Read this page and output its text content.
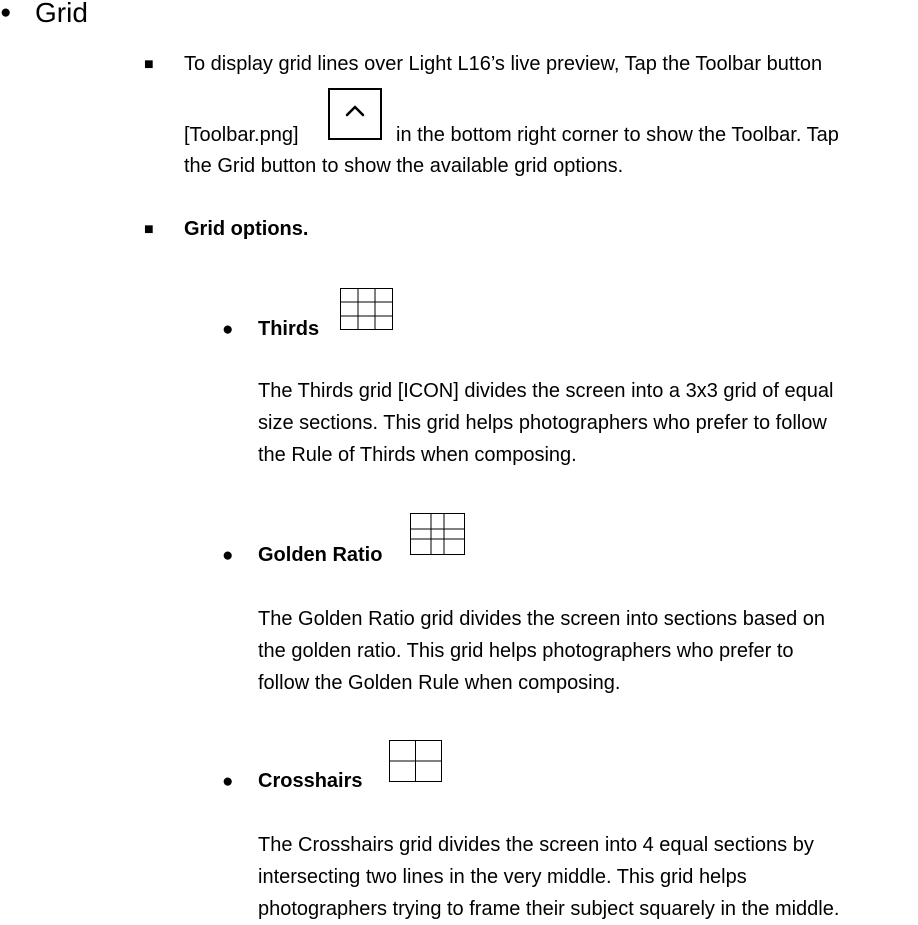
● Grid
■ To display grid lines over Light L16’s live preview, Tap the Toolbar button
[Toolbar.png]	in the bottom right corner to show the Toolbar. Tap
the Grid button to show the available grid options.
■ Grid options.
● Thirds
The Thirds grid [ICON] divides the screen into a 3x3 grid of equal
size sections. This grid helps photographers who prefer to follow
the Rule of Thirds when composing.
● Golden Ratio
The Golden Ratio grid divides the screen into sections based on
the golden ratio. This grid helps photographers who prefer to
follow the Golden Rule when composing.
● Crosshairs
The Crosshairs grid divides the screen into 4 equal sections by
intersecting two lines in the very middle. This grid helps
photographers trying to frame their subject squarely in the middle.
